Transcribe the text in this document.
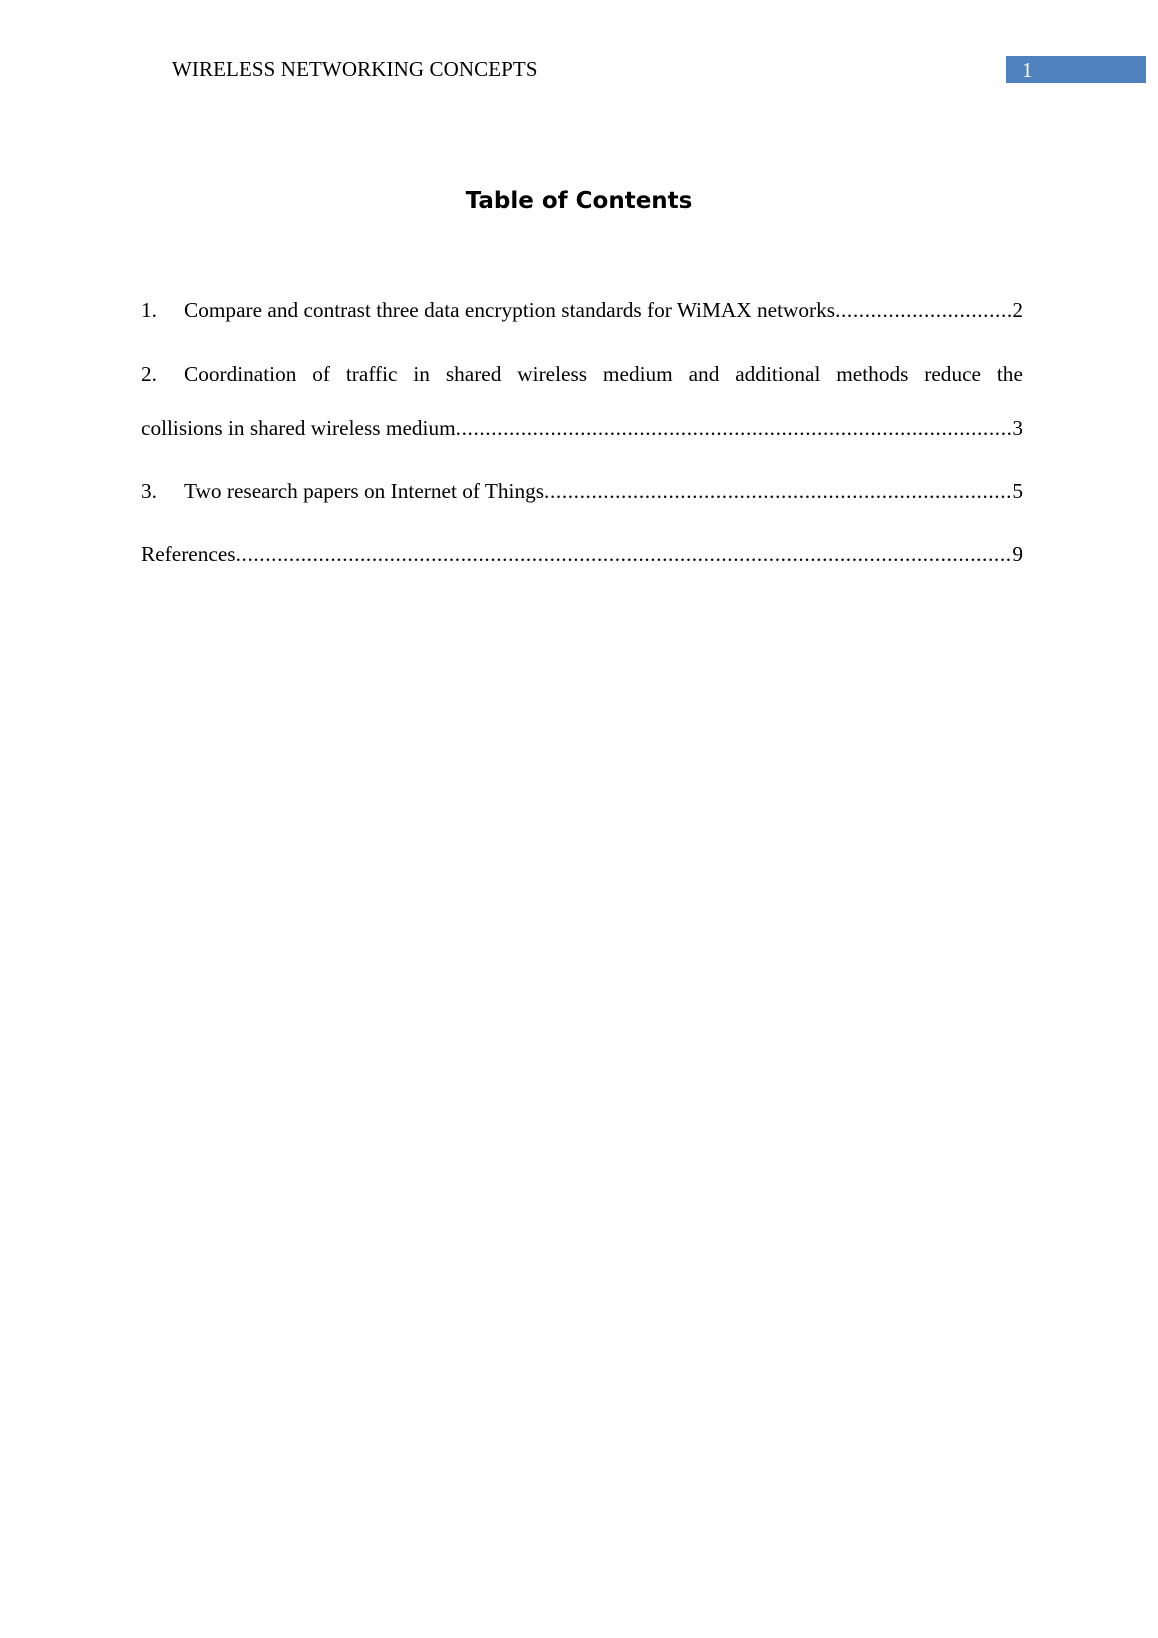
WIRELESS NETWORKING CONCEPTS	1
Table of Contents
1.	Compare and contrast three data encryption standards for WiMAX networks .....	2
2.	Coordination of traffic in shared wireless medium and additional methods reduce the
collisions in shared wireless medium .....	3
3.	Two research papers on Internet of Things .....	5
References .....	9
